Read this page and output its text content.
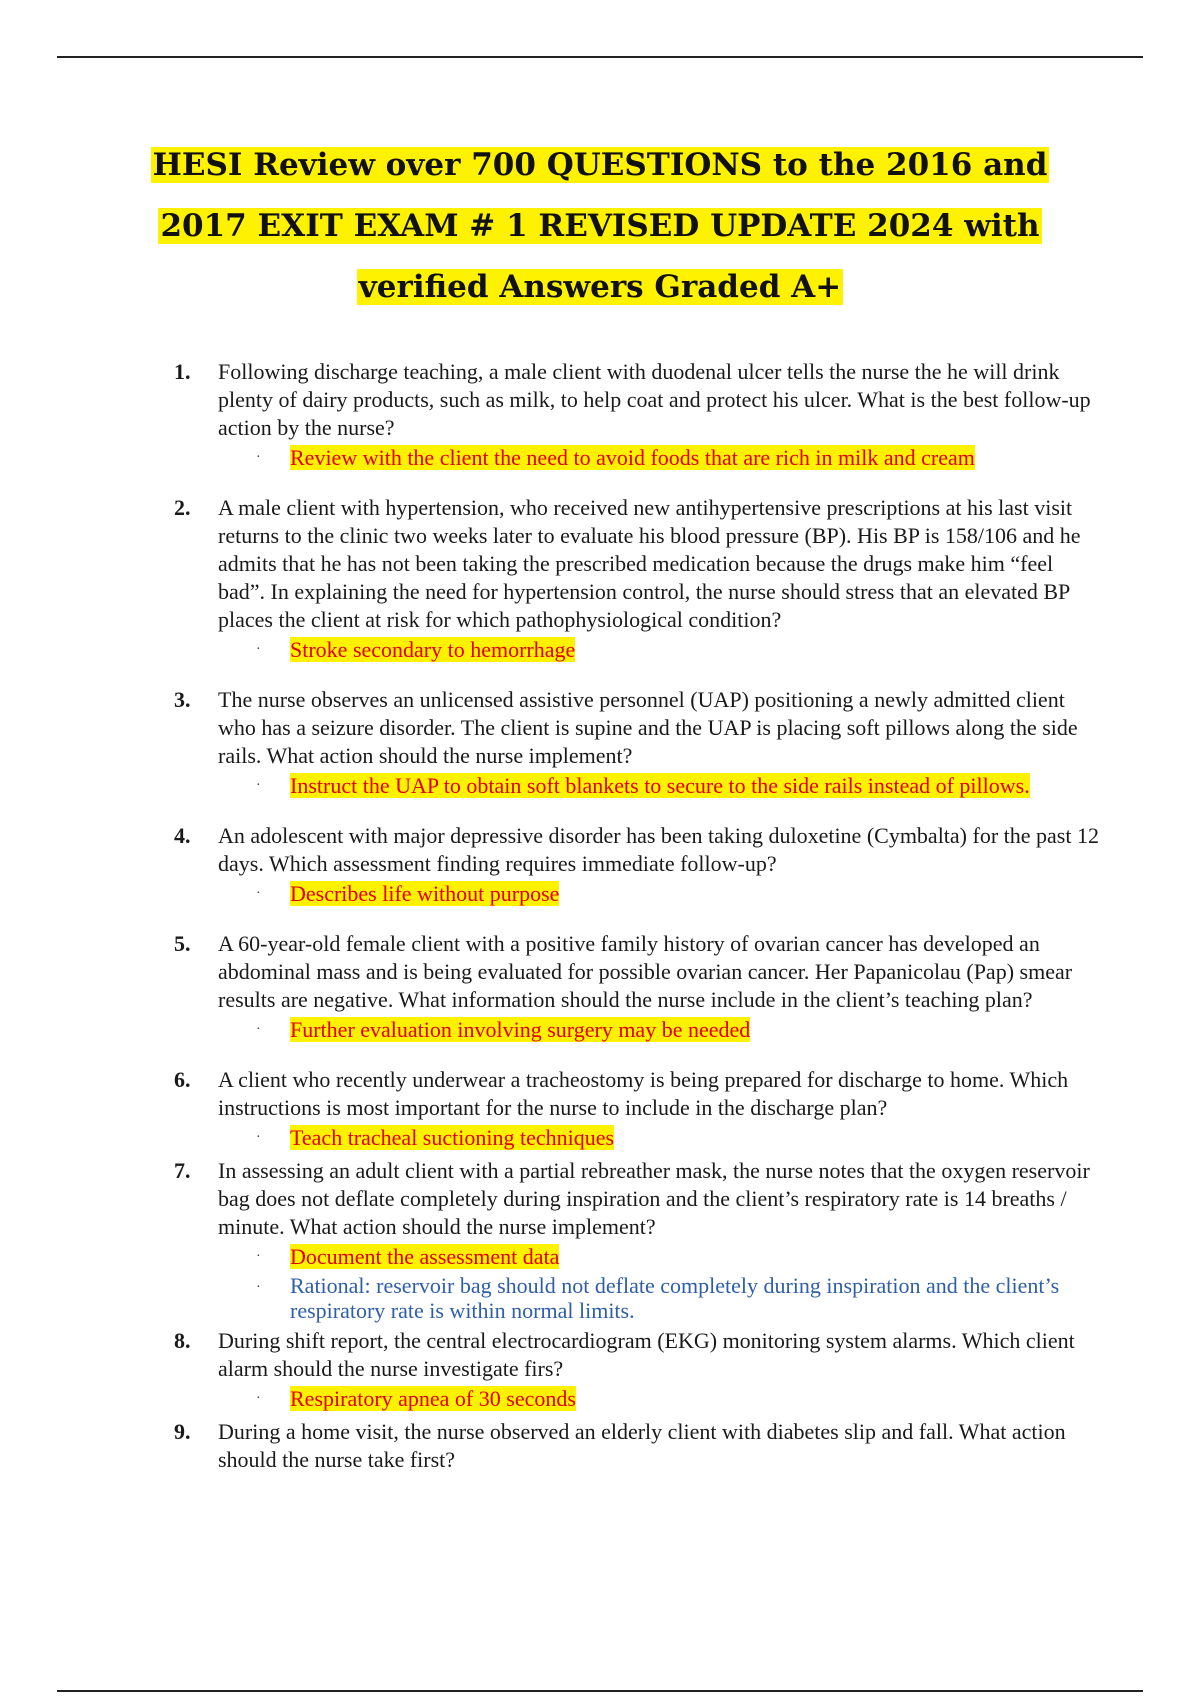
HESI Review over 700 QUESTIONS to the 2016 and
2017 EXIT EXAM # 1 REVISED UPDATE 2024 with
verified Answers Graded A+
1.	Following discharge teaching, a male client with duodenal ulcer tells the nurse the he will drink plenty of dairy products, such as milk, to help coat and protect his ulcer. What is the best follow-up action by the nurse?
·	Review with the client the need to avoid foods that are rich in milk and cream
2.	A male client with hypertension, who received new antihypertensive prescriptions at his last visit returns to the clinic two weeks later to evaluate his blood pressure (BP). His BP is 158/106 and he admits that he has not been taking the prescribed medication because the drugs make him “feel bad”. In explaining the need for hypertension control, the nurse should stress that an elevated BP places the client at risk for which pathophysiological condition?
·	Stroke secondary to hemorrhage
3.	The nurse observes an unlicensed assistive personnel (UAP) positioning a newly admitted client who has a seizure disorder. The client is supine and the UAP is placing soft pillows along the side rails. What action should the nurse implement?
·	Instruct the UAP to obtain soft blankets to secure to the side rails instead of pillows.
4.	An adolescent with major depressive disorder has been taking duloxetine (Cymbalta) for the past 12 days. Which assessment finding requires immediate follow-up?
·	Describes life without purpose
5.	A 60-year-old female client with a positive family history of ovarian cancer has developed an abdominal mass and is being evaluated for possible ovarian cancer. Her Papanicolau (Pap) smear results are negative. What information should the nurse include in the client’s teaching plan?
·	Further evaluation involving surgery may be needed
6.	A client who recently underwear a tracheostomy is being prepared for discharge to home. Which instructions is most important for the nurse to include in the discharge plan?
·	Teach tracheal suctioning techniques
7.	In assessing an adult client with a partial rebreather mask, the nurse notes that the oxygen reservoir bag does not deflate completely during inspiration and the client’s respiratory rate is 14 breaths / minute. What action should the nurse implement?
·	Document the assessment data
·	Rational: reservoir bag should not deflate completely during inspiration and the client’s respiratory rate is within normal limits.
8.	During shift report, the central electrocardiogram (EKG) monitoring system alarms. Which client alarm should the nurse investigate firs?
·	Respiratory apnea of 30 seconds
9.	During a home visit, the nurse observed an elderly client with diabetes slip and fall. What action should the nurse take first?
